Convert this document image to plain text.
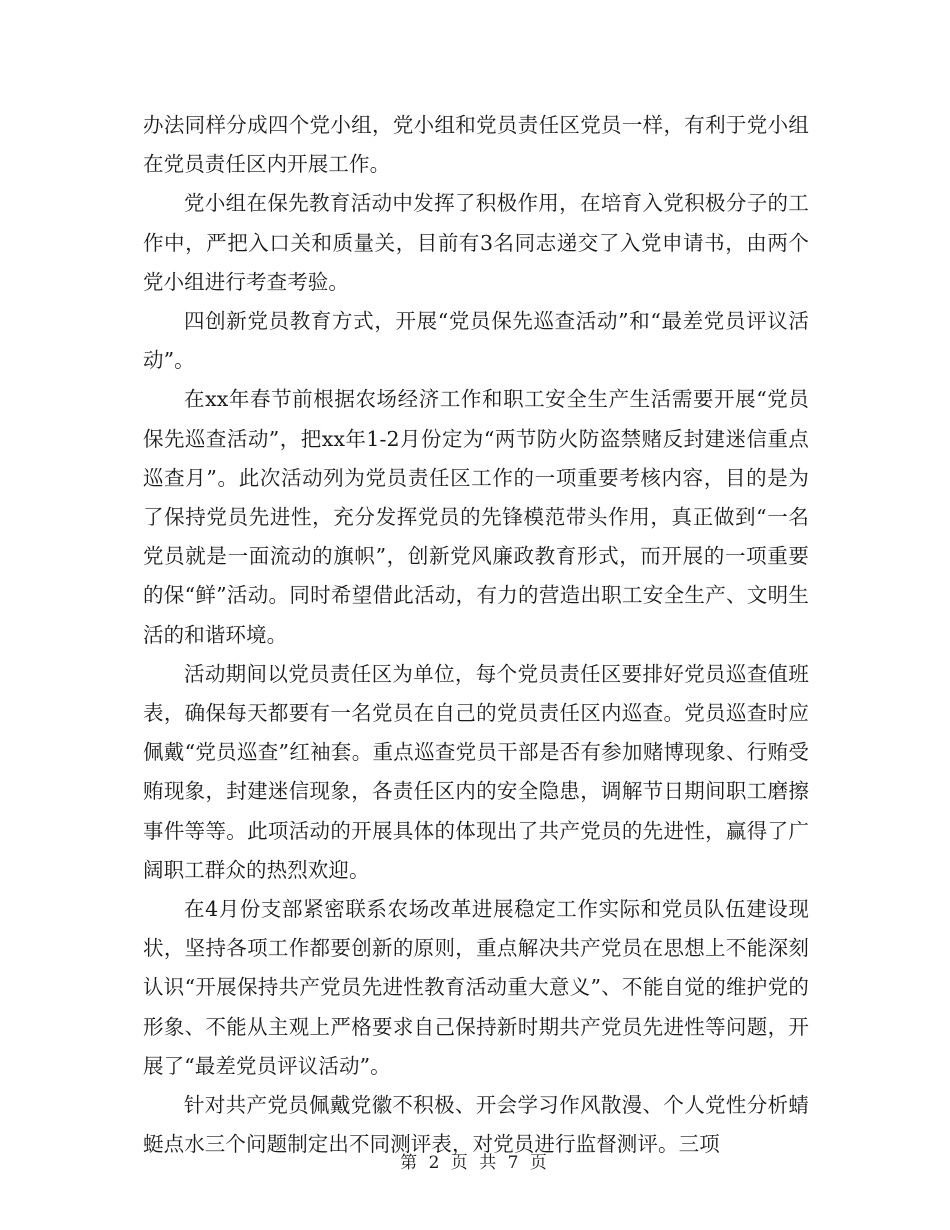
办法同样分成四个党小组，党小组和党员责任区党员一样，有利于党小组在党员责任区内开展工作。

党小组在保先教育活动中发挥了积极作用，在培育入党积极分子的工作中，严把入口关和质量关，目前有3名同志递交了入党申请书，由两个党小组进行考查考验。

四创新党员教育方式，开展“党员保先巡查活动”和“最差党员评议活动”。

在xx年春节前根据农场经济工作和职工安全生产生活需要开展“党员保先巡查活动”，把xx年1-2月份定为“两节防火防盗禁赌反封建迷信重点巡查月”。此次活动列为党员责任区工作的一项重要考核内容，目的是为了保持党员先进性，充分发挥党员的先锋模范带头作用，真正做到“一名党员就是一面流动的旗帜”，创新党风廉政教育形式，而开展的一项重要的保“鲜”活动。同时希望借此活动，有力的营造出职工安全生产、文明生活的和谐环境。

活动期间以党员责任区为单位，每个党员责任区要排好党员巡查值班表，确保每天都要有一名党员在自己的党员责任区内巡查。党员巡查时应佩戴“党员巡查”红袖套。重点巡查党员干部是否有参加赌博现象、行贿受贿现象，封建迷信现象，各责任区内的安全隐患，调解节日期间职工磨擦事件等等。此项活动的开展具体的体现出了共产党员的先进性，赢得了广阔职工群众的热烈欢迎。

在4月份支部紧密联系农场改革进展稳定工作实际和党员队伍建设现状，坚持各项工作都要创新的原则，重点解决共产党员在思想上不能深刻认识“开展保持共产党员先进性教育活动重大意义”、不能自觉的维护党的形象、不能从主观上严格要求自己保持新时期共产党员先进性等问题，开展了“最差党员评议活动”。

针对共产党员佩戴党徽不积极、开会学习作风散漫、个人党性分析蜻蜓点水三个问题制定出不同测评表，对党员进行监督测评。三项

第 2 页 共 7 页
